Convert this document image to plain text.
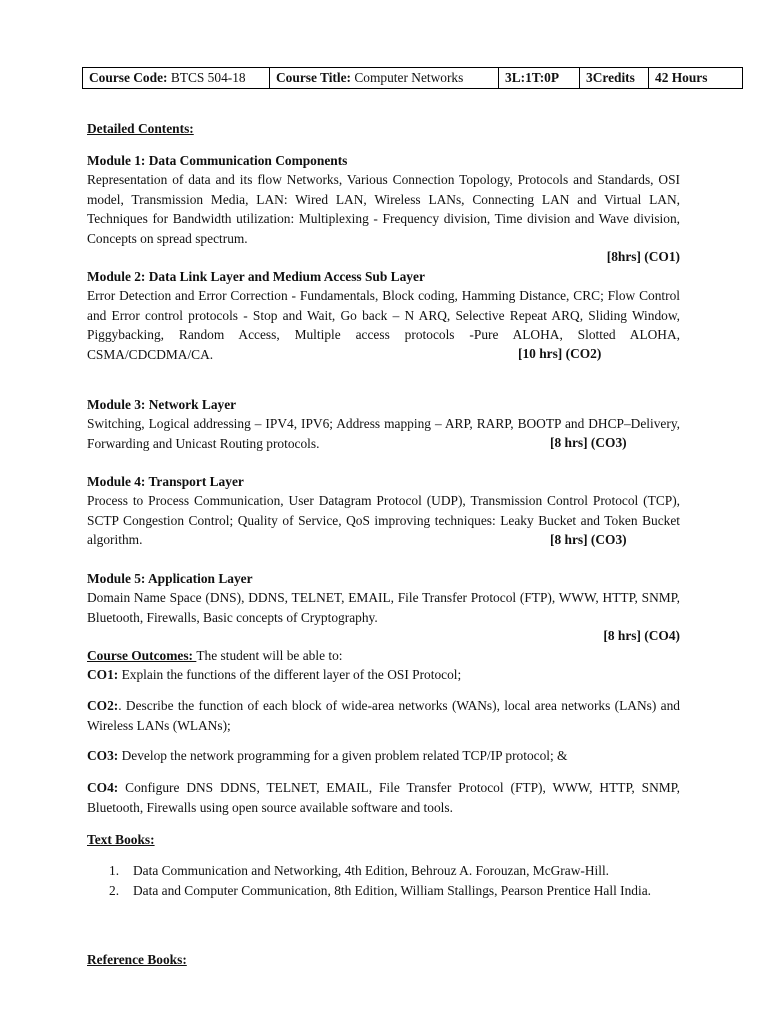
Course Code: BTCS 504-18	Course Title: Computer Networks	3L:1T:0P	3Credits	42 Hours
Detailed Contents:
Module 1: Data Communication Components
Representation of data and its flow Networks, Various Connection Topology, Protocols and Standards, OSI model, Transmission Media, LAN: Wired LAN, Wireless LANs, Connecting LAN and Virtual LAN, Techniques for Bandwidth utilization: Multiplexing - Frequency division, Time division and Wave division, Concepts on spread spectrum.
[8hrs] (CO1)
Module 2: Data Link Layer and Medium Access Sub Layer
Error Detection and Error Correction - Fundamentals, Block coding, Hamming Distance, CRC; Flow Control and Error control protocols - Stop and Wait, Go back – N ARQ, Selective Repeat ARQ, Sliding Window, Piggybacking, Random Access, Multiple access protocols -Pure ALOHA, Slotted ALOHA, CSMA/CDCDMA/CA.	[10 hrs] (CO2)
Module 3: Network Layer
Switching, Logical addressing – IPV4, IPV6; Address mapping – ARP, RARP, BOOTP and DHCP–Delivery, Forwarding and Unicast Routing protocols.	[8 hrs] (CO3)
Module 4: Transport Layer
Process to Process Communication, User Datagram Protocol (UDP), Transmission Control Protocol (TCP), SCTP Congestion Control; Quality of Service, QoS improving techniques: Leaky Bucket and Token Bucket algorithm.	[8 hrs] (CO3)
Module 5: Application Layer
Domain Name Space (DNS), DDNS, TELNET, EMAIL, File Transfer Protocol (FTP), WWW, HTTP, SNMP, Bluetooth, Firewalls, Basic concepts of Cryptography.
[8 hrs] (CO4)
Course Outcomes: The student will be able to:
CO1: Explain the functions of the different layer of the OSI Protocol;
CO2:. Describe the function of each block of wide-area networks (WANs), local area networks (LANs) and Wireless LANs (WLANs);
CO3: Develop the network programming for a given problem related TCP/IP protocol; &
CO4: Configure DNS DDNS, TELNET, EMAIL, File Transfer Protocol (FTP), WWW, HTTP, SNMP, Bluetooth, Firewalls using open source available software and tools.
Text Books:
1. Data Communication and Networking, 4th Edition, Behrouz A. Forouzan, McGraw-Hill.
2. Data and Computer Communication, 8th Edition, William Stallings, Pearson Prentice Hall India.
Reference Books:
